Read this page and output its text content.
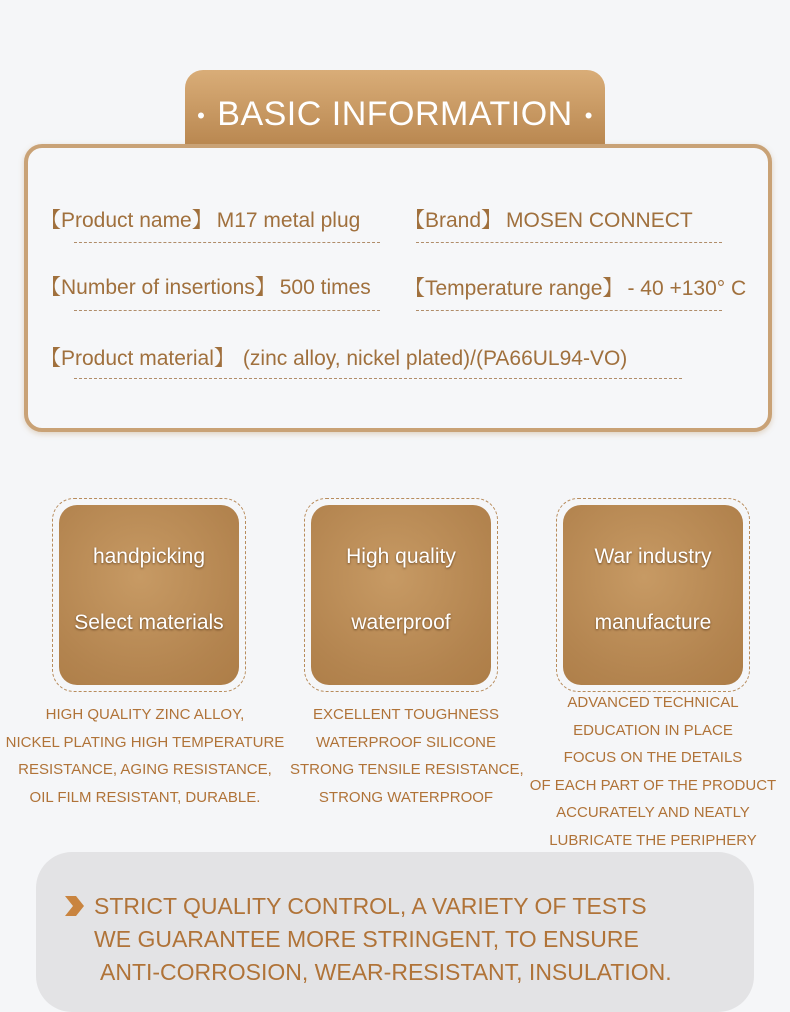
• BASIC INFORMATION •
【Product name】 M17 metal plug 【Brand】 MOSEN CONNECT
【Number of insertions】 500 times 【Temperature range】 - 40 +130° C
【Product material】 (zinc alloy, nickel plated)/(PA66UL94-VO)
handpicking
Select materials
High quality
waterproof
War industry
manufacture
HIGH QUALITY ZINC ALLOY,
NICKEL PLATING HIGH TEMPERATURE
RESISTANCE, AGING RESISTANCE,
OIL FILM RESISTANT, DURABLE.
EXCELLENT TOUGHNESS
WATERPROOF SILICONE
STRONG TENSILE RESISTANCE,
STRONG WATERPROOF
ADVANCED TECHNICAL
EDUCATION IN PLACE
FOCUS ON THE DETAILS
OF EACH PART OF THE PRODUCT
ACCURATELY AND NEATLY
LUBRICATE THE PERIPHERY
STRICT QUALITY CONTROL, A VARIETY OF TESTS
WE GUARANTEE MORE STRINGENT, TO ENSURE
ANTI-CORROSION, WEAR-RESISTANT, INSULATION.
